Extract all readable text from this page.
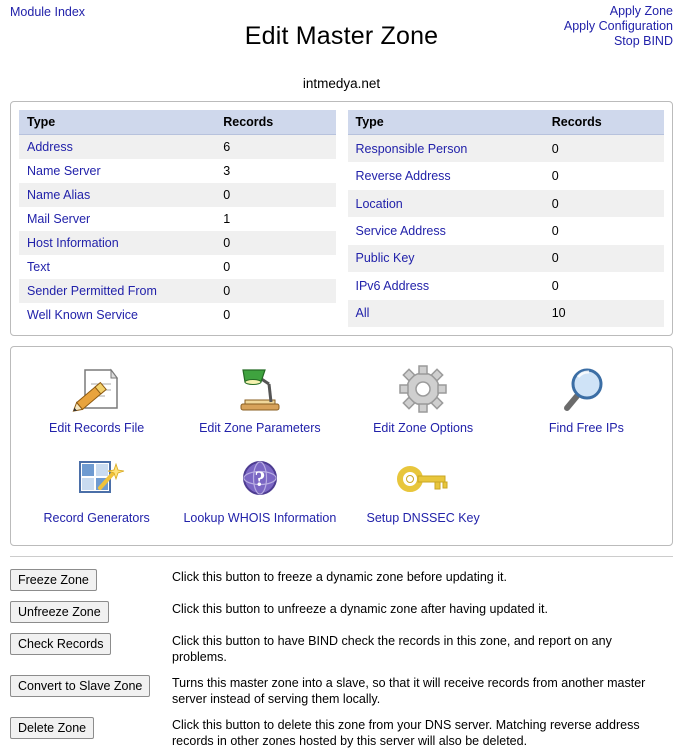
Module Index	Apply Zone
Apply Configuration
Stop BIND
Edit Master Zone
intmedya.net
Type	Records
Address	6
Name Server	3
Name Alias	0
Mail Server	1
Host Information	0
Text	0
Sender Permitted From	0
Well Known Service	0
Type	Records
Responsible Person	0
Reverse Address	0
Location	0
Service Address	0
Public Key	0
IPv6 Address	0
All	10
Edit Records File	Edit Zone Parameters	Edit Zone Options	Find Free IPs
Record Generators
?
Lookup WHOIS Information	Setup DNSSEC Key
Freeze Zone	Click this button to freeze a dynamic zone before updating it.
Unfreeze Zone	Click this button to unfreeze a dynamic zone after having updated it.
Check Records	Click this button to have BIND check the records in this zone, and report on any problems.
Convert to Slave Zone	Turns this master zone into a slave, so that it will receive records from another master server instead of serving them locally.
Delete Zone	Click this button to delete this zone from your DNS server. Matching reverse address records in other zones hosted by this server will also be deleted.
